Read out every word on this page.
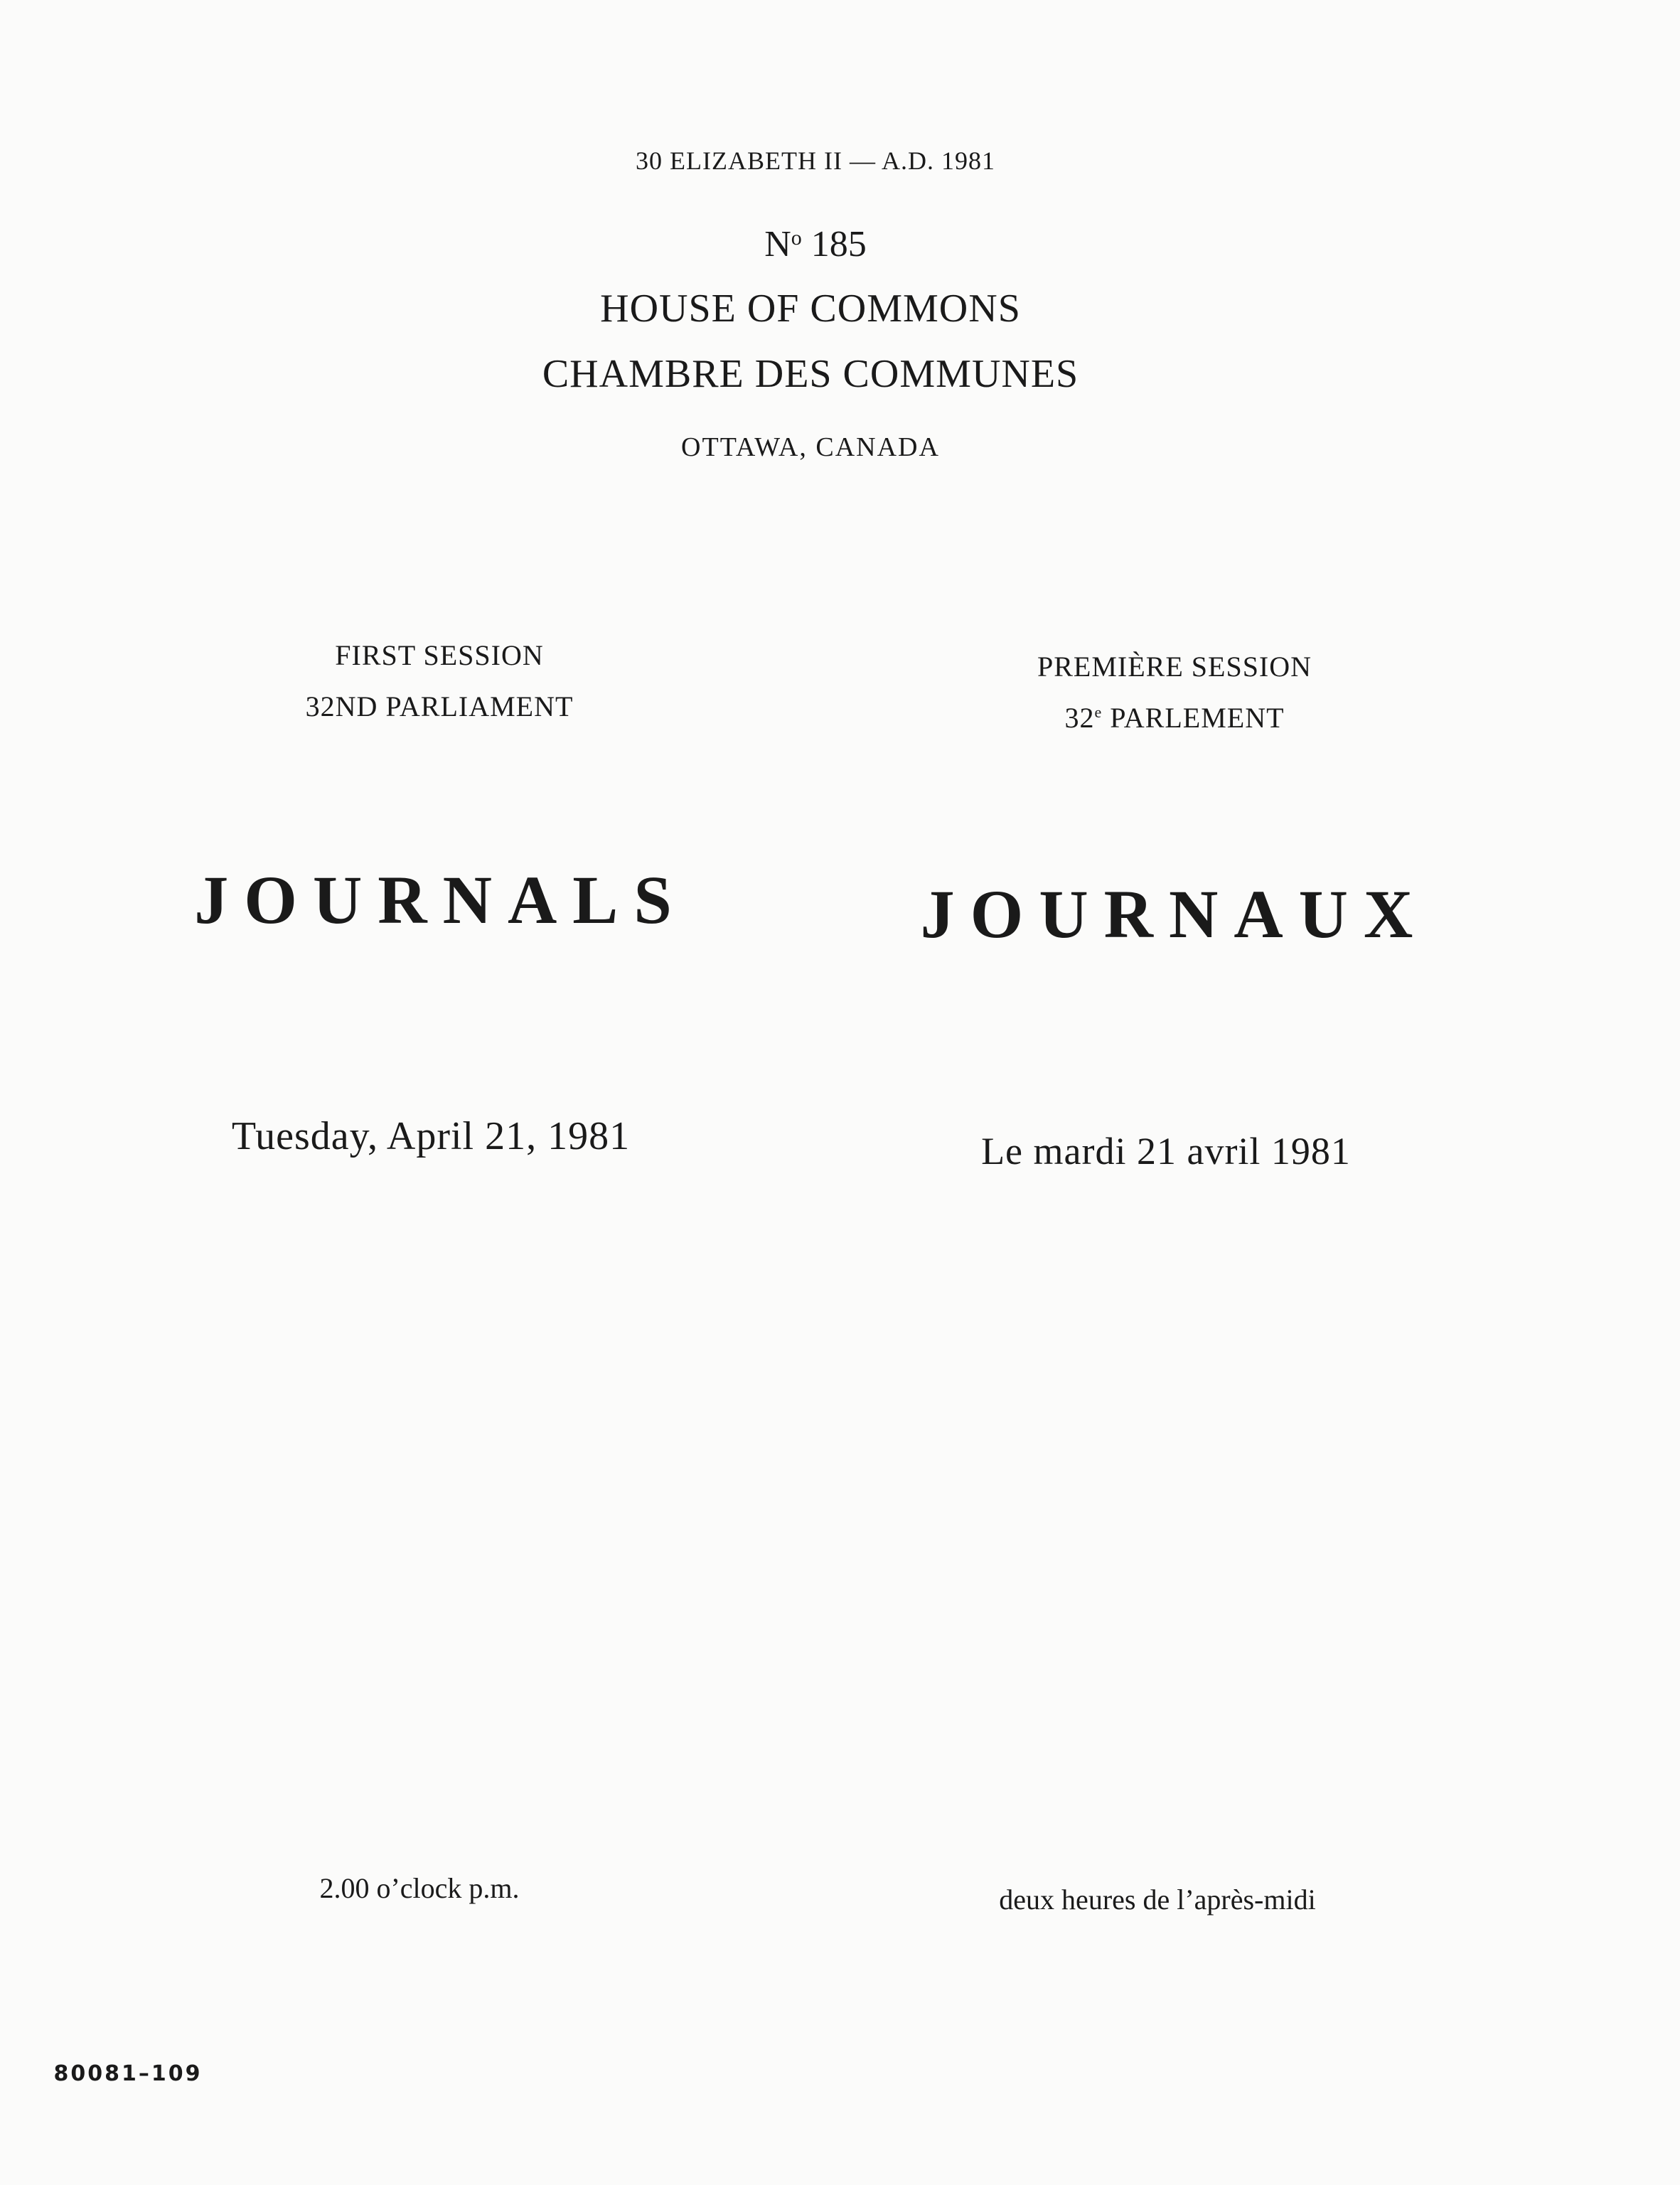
30 ELIZABETH II — A.D. 1981
$N^o$ 185
HOUSE OF COMMONS
CHAMBRE DES COMMUNES
OTTAWA, CANADA
FIRST SESSION
32ND PARLIAMENT
PREMIÈRE SESSION
32e PARLEMENT
JOURNALS	JOURNAUX
Tuesday, April 21, 1981	Le mardi 21 avril 1981
2.00 o’clock p.m.	deux heures de l’après-midi
80081–109
